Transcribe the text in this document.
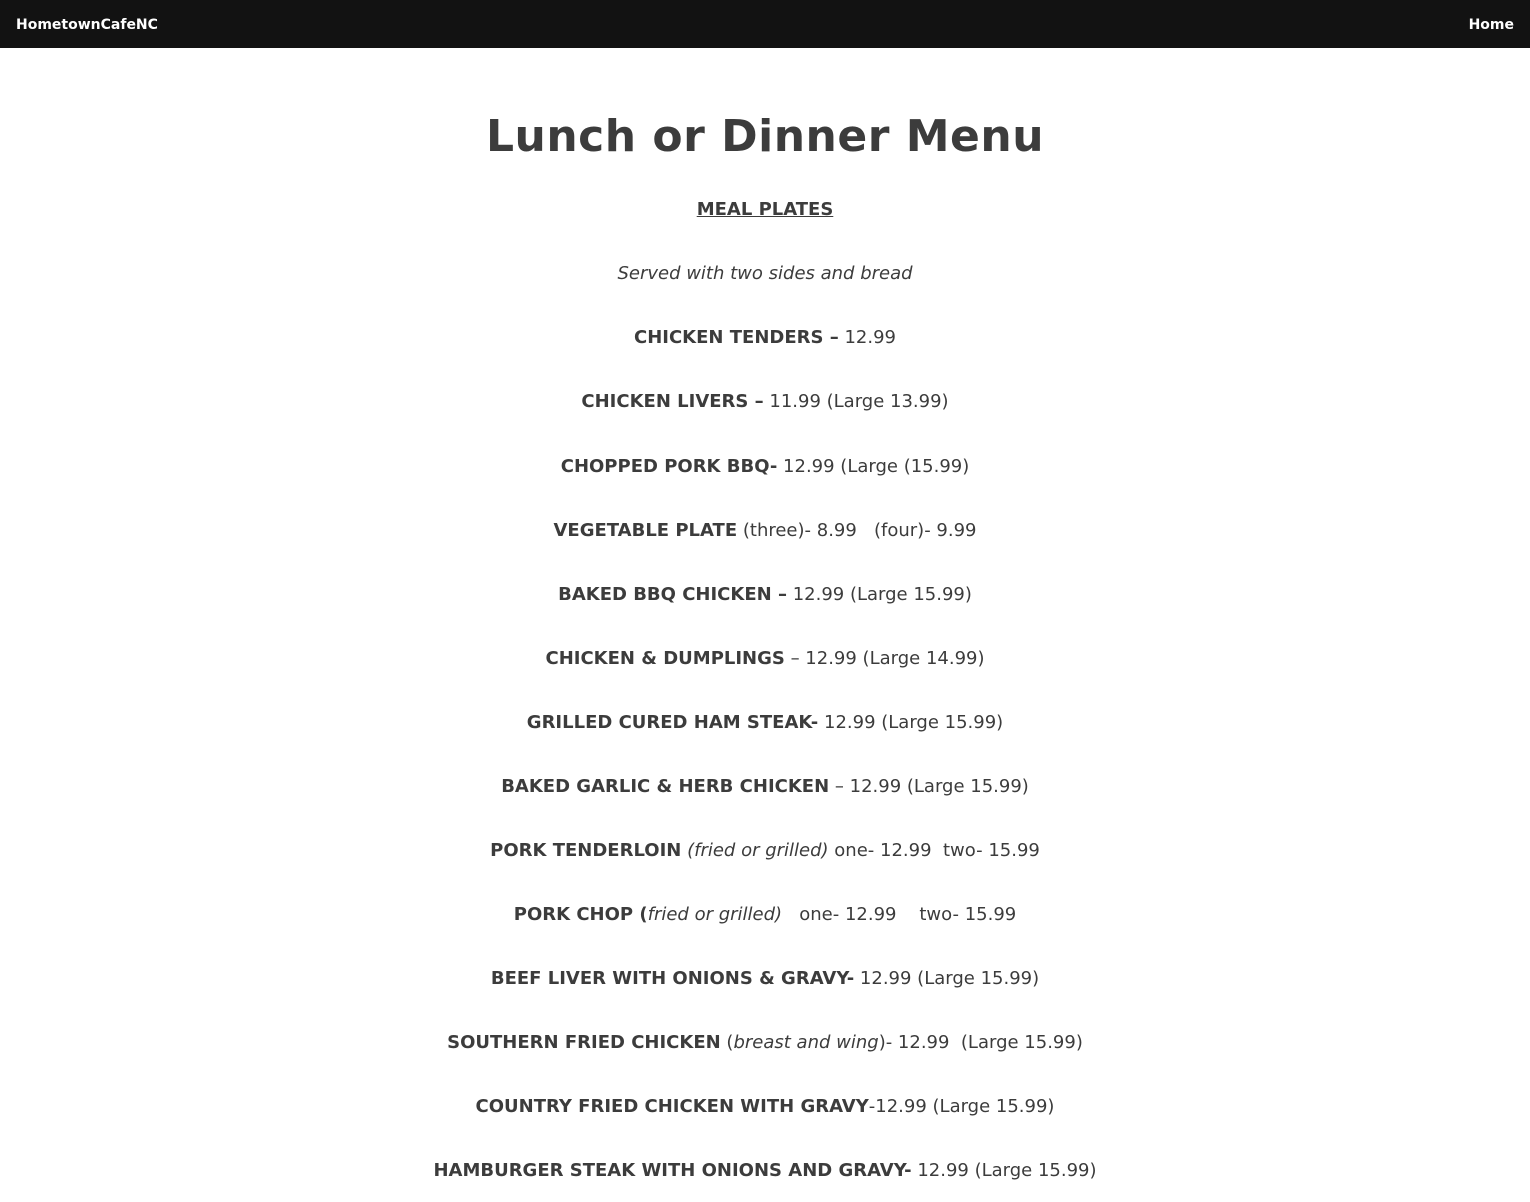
HometownCafeNC	Home
Lunch or Dinner Menu

MEAL PLATES

Served with two sides and bread

CHICKEN TENDERS – 12.99

CHICKEN LIVERS – 11.99 (Large 13.99)

CHOPPED PORK BBQ- 12.99 (Large (15.99)

VEGETABLE PLATE (three)- 8.99   (four)- 9.99

BAKED BBQ CHICKEN – 12.99 (Large 15.99)

CHICKEN & DUMPLINGS – 12.99 (Large 14.99)

GRILLED CURED HAM STEAK- 12.99 (Large 15.99)

BAKED GARLIC & HERB CHICKEN – 12.99 (Large 15.99)

PORK TENDERLOIN (fried or grilled) one- 12.99  two- 15.99

PORK CHOP (fried or grilled)   one- 12.99    two- 15.99

BEEF LIVER WITH ONIONS & GRAVY- 12.99 (Large 15.99)

SOUTHERN FRIED CHICKEN (breast and wing)- 12.99  (Large 15.99)

COUNTRY FRIED CHICKEN WITH GRAVY-12.99 (Large 15.99)

HAMBURGER STEAK WITH ONIONS AND GRAVY- 12.99 (Large 15.99)
